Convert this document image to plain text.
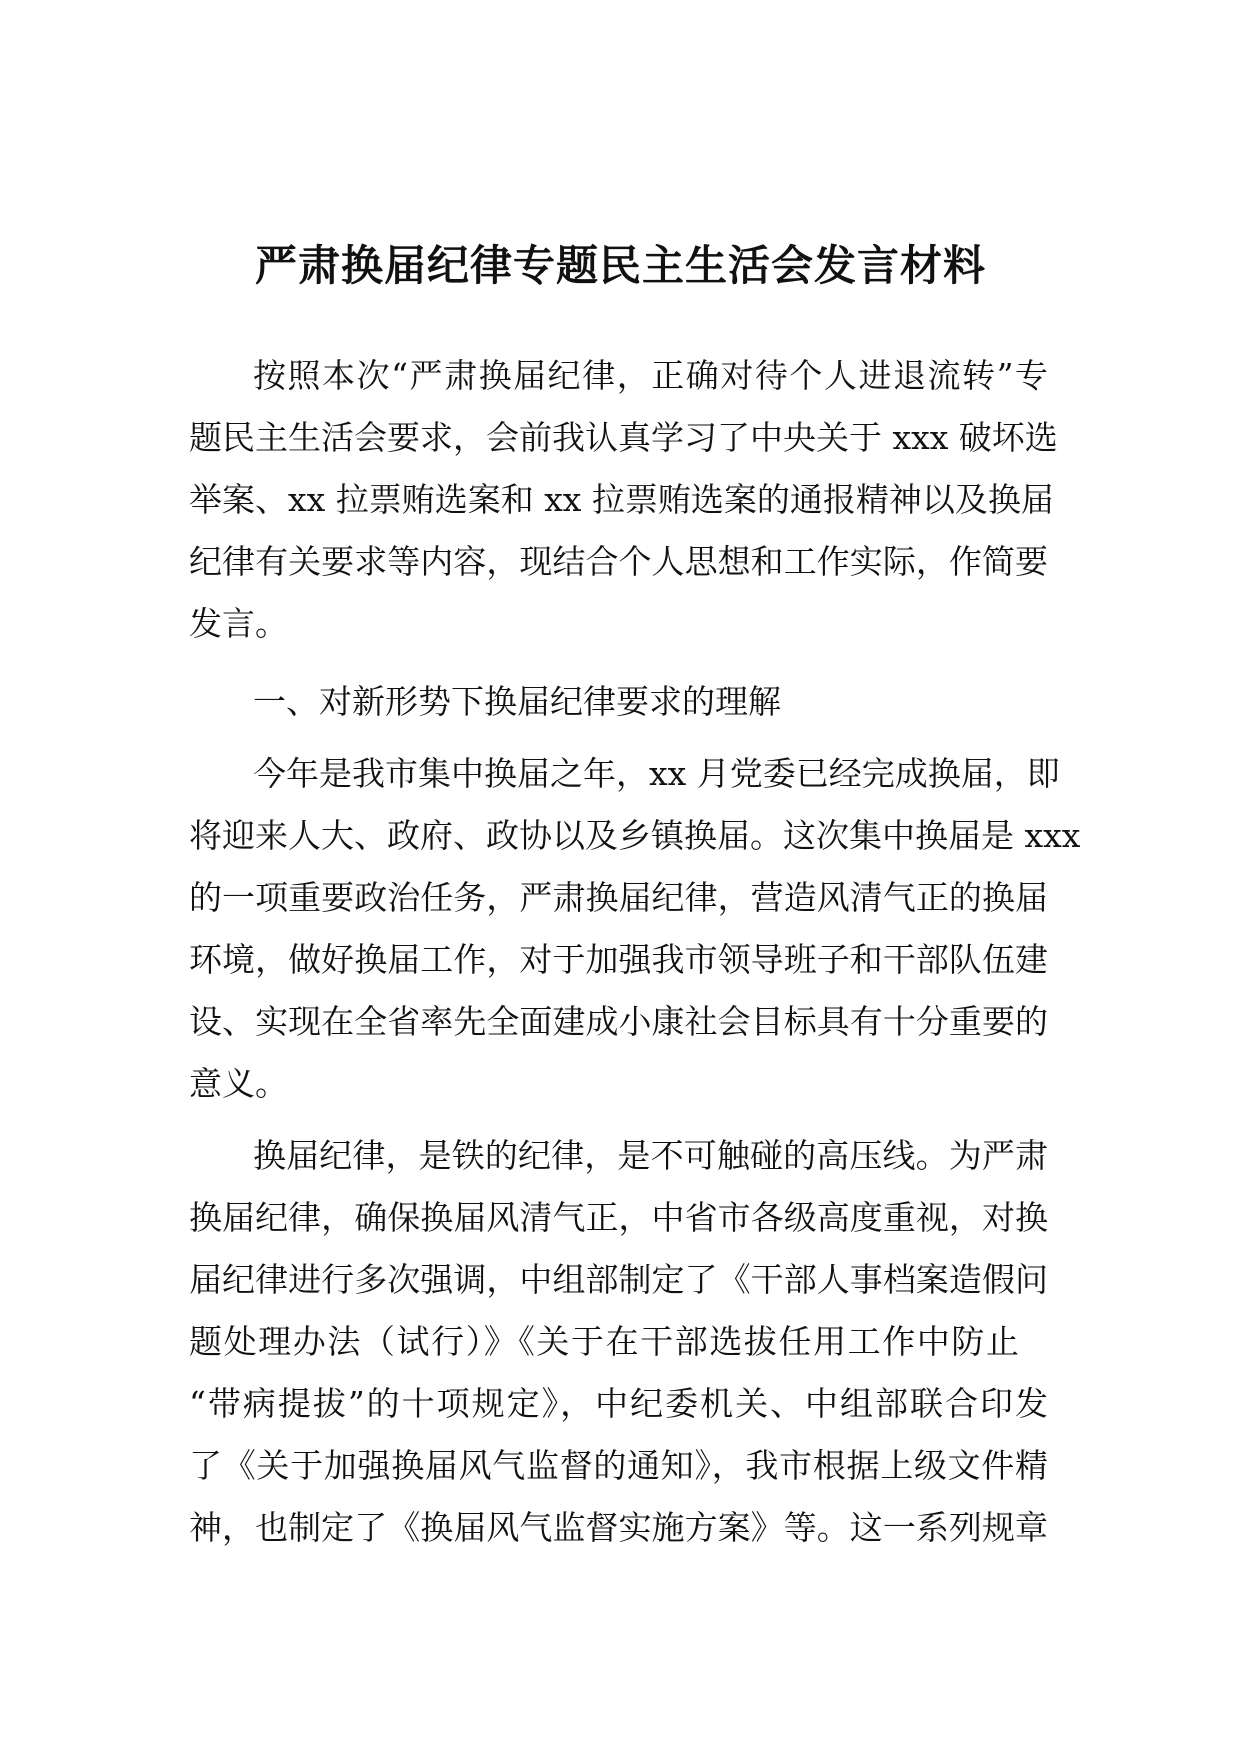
严肃换届纪律专题民主生活会发言材料
按照本次“严肃换届纪律，正确对待个人进退流转”专
题民主生活会要求，会前我认真学习了中央关于 xxx 破坏选
举案、xx 拉票贿选案和 xx 拉票贿选案的通报精神以及换届
纪律有关要求等内容，现结合个人思想和工作实际，作简要
发言。
一、对新形势下换届纪律要求的理解
今年是我市集中换届之年，xx 月党委已经完成换届，即
将迎来人大、政府、政协以及乡镇换届。这次集中换届是 xxx
的一项重要政治任务，严肃换届纪律，营造风清气正的换届
环境，做好换届工作，对于加强我市领导班子和干部队伍建
设、实现在全省率先全面建成小康社会目标具有十分重要的
意义。
换届纪律，是铁的纪律，是不可触碰的高压线。为严肃
换届纪律，确保换届风清气正，中省市各级高度重视，对换
届纪律进行多次强调，中组部制定了《干部人事档案造假问
题处理办法（试行）》《关于在干部选拔任用工作中防止
“带病提拔”的十项规定》，中纪委机关、中组部联合印发
了《关于加强换届风气监督的通知》，我市根据上级文件精
神，也制定了《换届风气监督实施方案》等。这一系列规章
